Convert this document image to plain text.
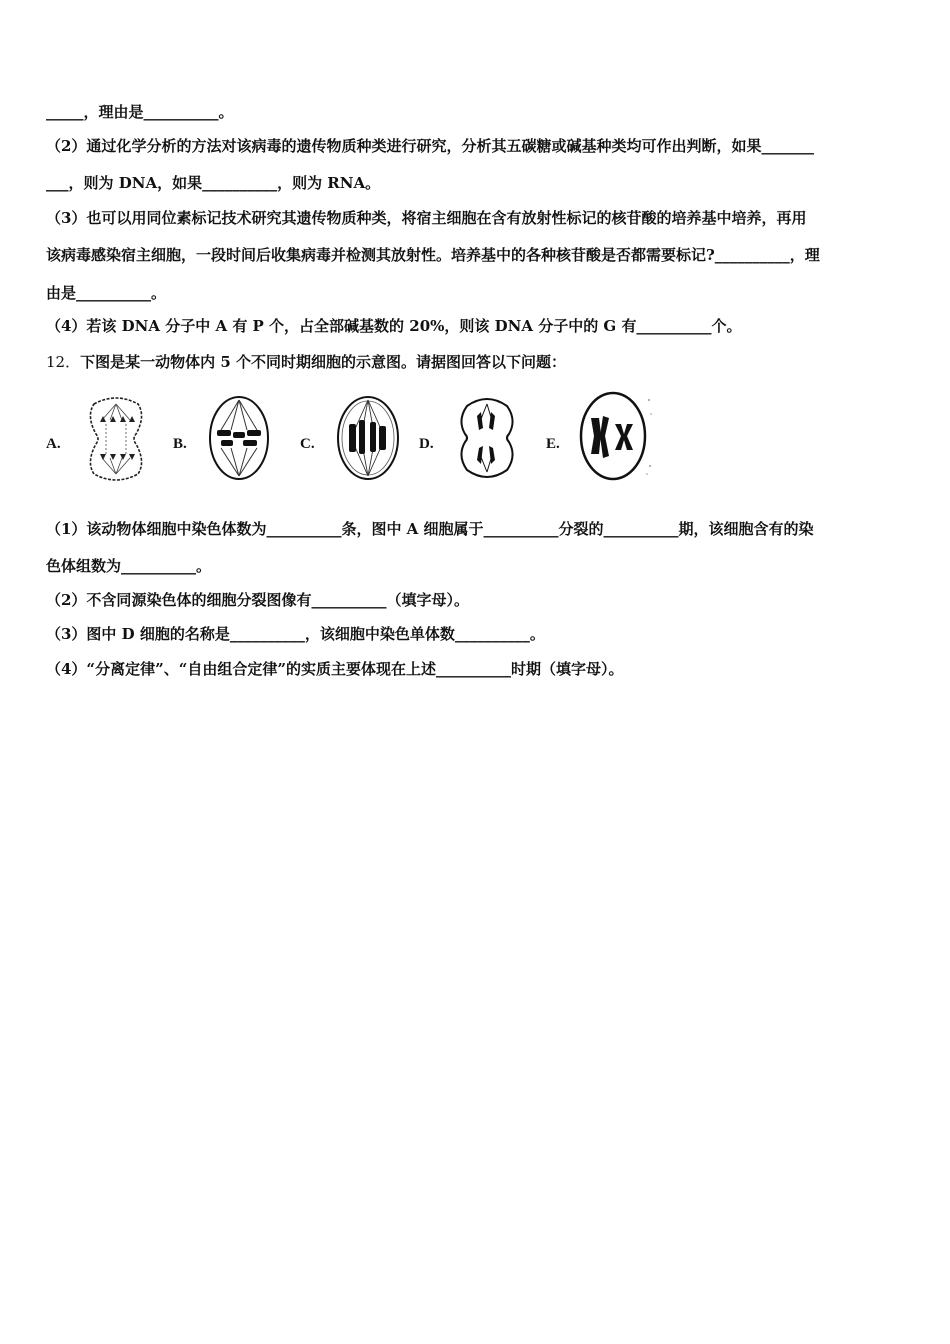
_____，理由是__________。
（2）通过化学分析的方法对该病毒的遗传物质种类进行研究，分析其五碳糖或碱基种类均可作出判断，如果_______
___，则为 DNA，如果__________，则为 RNA。
（3）也可以用同位素标记技术研究其遗传物质种类，将宿主细胞在含有放射性标记的核苷酸的培养基中培养，再用
该病毒感染宿主细胞，一段时间后收集病毒并检测其放射性。培养基中的各种核苷酸是否都需要标记?__________，理
由是__________。
（4）若该 DNA 分子中 A 有 P 个，占全部碱基数的 20%，则该 DNA 分子中的 G 有__________个。
12．下图是某一动物体内 5 个不同时期细胞的示意图。请据图回答以下问题：
A.	B.	C.	D.	E.
（1）该动物体细胞中染色体数为__________条，图中 A 细胞属于__________分裂的__________期，该细胞含有的染
色体组数为__________。
（2）不含同源染色体的细胞分裂图像有__________（填字母）。
（3）图中 D 细胞的名称是__________，该细胞中染色单体数__________。
（4）“分离定律”、“自由组合定律”的实质主要体现在上述__________时期（填字母）。
